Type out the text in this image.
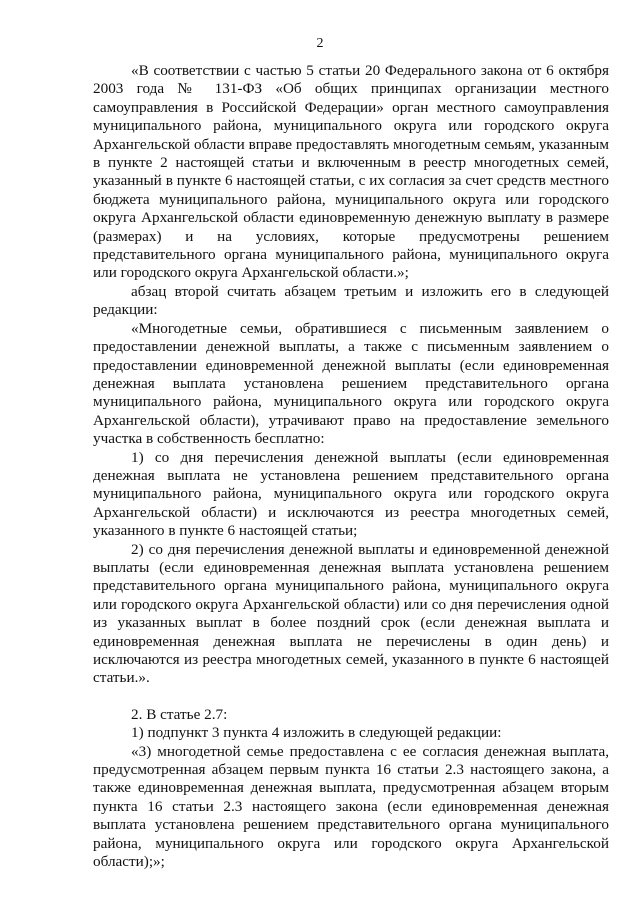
2

«В соответствии с частью 5 статьи 20 Федерального закона от 6 октября 2003 года № 131-ФЗ «Об общих принципах организации местного самоуправления в Российской Федерации» орган местного самоуправления муниципального района, муниципального округа или городского округа Архангельской области вправе предоставлять многодетным семьям, указанным в пункте 2 настоящей статьи и включенным в реестр многодетных семей, указанный в пункте 6 настоящей статьи, с их согласия за счет средств местного бюджета муниципального района, муниципального округа или городского округа Архангельской области единовременную денежную выплату в размере (размерах) и на условиях, которые предусмотрены решением представительного органа муниципального района, муниципального округа или городского округа Архангельской области.»;

абзац второй считать абзацем третьим и изложить его в следующей редакции:

«Многодетные семьи, обратившиеся с письменным заявлением о предоставлении денежной выплаты, а также с письменным заявлением о предоставлении единовременной денежной выплаты (если единовременная денежная выплата установлена решением представительного органа муниципального района, муниципального округа или городского округа Архангельской области), утрачивают право на предоставление земельного участка в собственность бесплатно:

1) со дня перечисления денежной выплаты (если единовременная денежная выплата не установлена решением представительного органа муниципального района, муниципального округа или городского округа Архангельской области) и исключаются из реестра многодетных семей, указанного в пункте 6 настоящей статьи;

2) со дня перечисления денежной выплаты и единовременной денежной выплаты (если единовременная денежная выплата установлена решением представительного органа муниципального района, муниципального округа или городского округа Архангельской области) или со дня перечисления одной из указанных выплат в более поздний срок (если денежная выплата и единовременная денежная выплата не перечислены в один день) и исключаются из реестра многодетных семей, указанного в пункте 6 настоящей статьи.».

2. В статье 2.7:

1) подпункт 3 пункта 4 изложить в следующей редакции:

«3) многодетной семье предоставлена с ее согласия денежная выплата, предусмотренная абзацем первым пункта 16 статьи 2.3 настоящего закона, а также единовременная денежная выплата, предусмотренная абзацем вторым пункта 16 статьи 2.3 настоящего закона (если единовременная денежная выплата установлена решением представительного органа муниципального района, муниципального округа или городского округа Архангельской области);»;
